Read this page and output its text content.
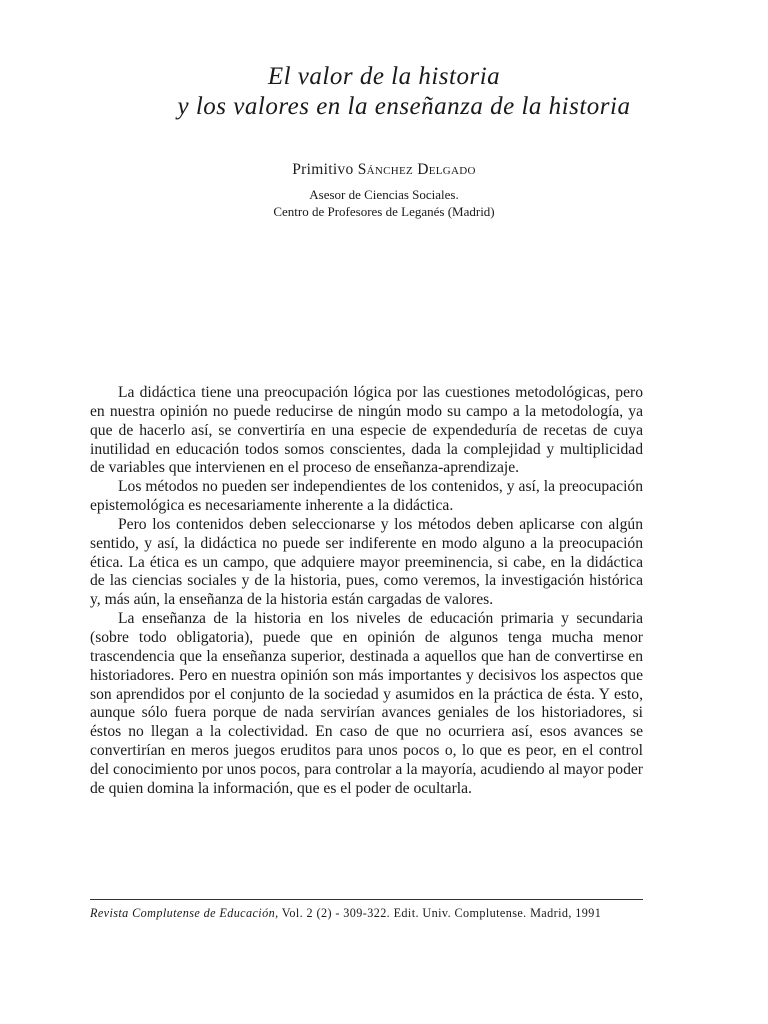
El valor de la historia
y los valores en la enseñanza de la historia
Primitivo Sánchez Delgado
Asesor de Ciencias Sociales.
Centro de Profesores de Leganés (Madrid)

La didáctica tiene una preocupación lógica por las cuestiones metodológicas, pero en nuestra opinión no puede reducirse de ningún modo su campo a la metodología, ya que de hacerlo así, se convertiría en una especie de expendeduría de recetas de cuya inutilidad en educación todos somos conscientes, dada la complejidad y multiplicidad de variables que intervienen en el proceso de enseñanza-aprendizaje.

Los métodos no pueden ser independientes de los contenidos, y así, la preocupación epistemológica es necesariamente inherente a la didáctica.

Pero los contenidos deben seleccionarse y los métodos deben aplicarse con algún sentido, y así, la didáctica no puede ser indiferente en modo alguno a la preocupación ética. La ética es un campo, que adquiere mayor preeminencia, si cabe, en la didáctica de las ciencias sociales y de la historia, pues, como veremos, la investigación histórica y, más aún, la enseñanza de la historia están cargadas de valores.

La enseñanza de la historia en los niveles de educación primaria y secundaria (sobre todo obligatoria), puede que en opinión de algunos tenga mucha menor trascendencia que la enseñanza superior, destinada a aquellos que han de convertirse en historiadores. Pero en nuestra opinión son más importantes y decisivos los aspectos que son aprendidos por el conjunto de la sociedad y asumidos en la práctica de ésta. Y esto, aunque sólo fuera porque de nada servirían avances geniales de los historiadores, si éstos no llegan a la colectividad. En caso de que no ocurriera así, esos avances se convertirían en meros juegos eruditos para unos pocos o, lo que es peor, en el control del conocimiento por unos pocos, para controlar a la mayoría, acudiendo al mayor poder de quien domina la información, que es el poder de ocultarla.

Revista Complutense de Educación, Vol. 2 (2) - 309-322. Edit. Univ. Complutense. Madrid, 1991
